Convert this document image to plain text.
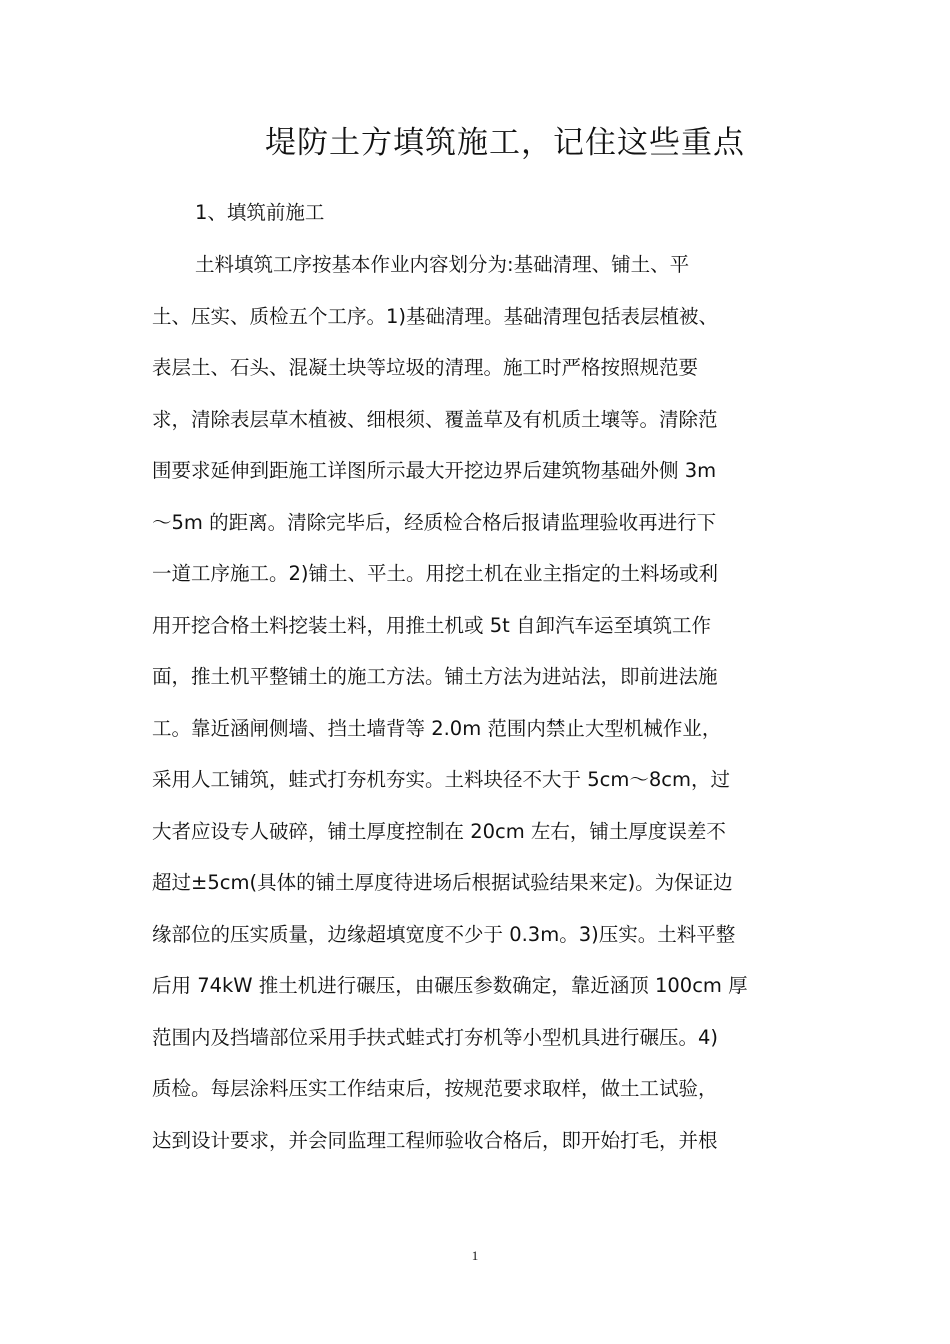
堤防土方填筑施工，记住这些重点
1、填筑前施工
土料填筑工序按基本作业内容划分为:基础清理、铺土、平
土、压实、质检五个工序。1)基础清理。基础清理包括表层植被、
表层土、石头、混凝土块等垃圾的清理。施工时严格按照规范要
求，清除表层草木植被、细根须、覆盖草及有机质土壤等。清除范
围要求延伸到距施工详图所示最大开挖边界后建筑物基础外侧 3m
～5m 的距离。清除完毕后，经质检合格后报请监理验收再进行下
一道工序施工。2)铺土、平土。用挖土机在业主指定的土料场或利
用开挖合格土料挖装土料，用推土机或 5t 自卸汽车运至填筑工作
面，推土机平整铺土的施工方法。铺土方法为进站法，即前进法施
工。靠近涵闸侧墙、挡土墙背等 2.0m 范围内禁止大型机械作业，
采用人工铺筑，蛙式打夯机夯实。土料块径不大于 5cm～8cm，过
大者应设专人破碎，铺土厚度控制在 20cm 左右，铺土厚度误差不
超过±5cm(具体的铺土厚度待进场后根据试验结果来定)。为保证边
缘部位的压实质量，边缘超填宽度不少于 0.3m。3)压实。土料平整
后用 74kW 推土机进行碾压，由碾压参数确定，靠近涵顶 100cm 厚
范围内及挡墙部位采用手扶式蛙式打夯机等小型机具进行碾压。4)
质检。每层涂料压实工作结束后，按规范要求取样，做土工试验，
达到设计要求，并会同监理工程师验收合格后，即开始打毛，并根
1
